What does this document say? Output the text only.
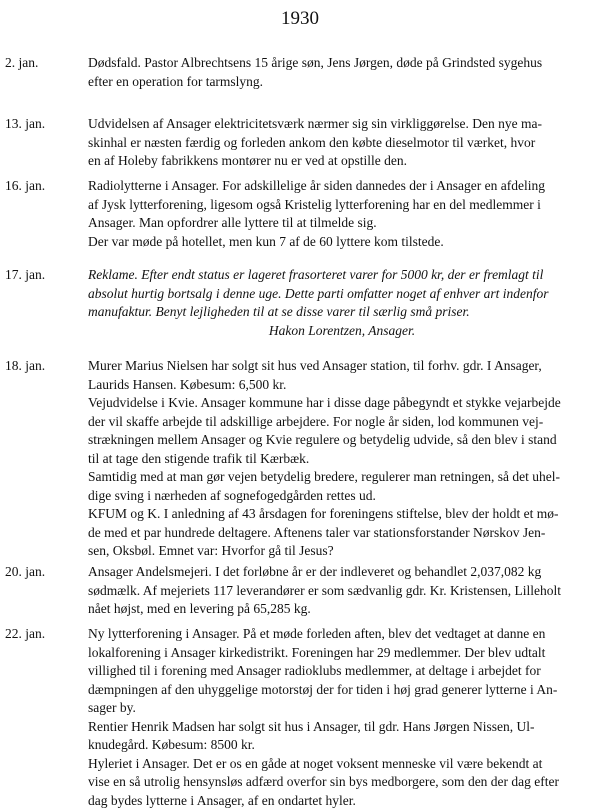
1930
2. jan.	Dødsfald. Pastor Albrechtsens 15 årige søn, Jens Jørgen, døde på Grindsted sygehus
efter en operation for tarmslyng.
13. jan.	Udvidelsen af Ansager elektricitetsværk nærmer sig sin virkliggørelse. Den nye ma-
skinhal er næsten færdig og forleden ankom den købte dieselmotor til værket, hvor
en af Holeby fabrikkens montører nu er ved at opstille den.
16. jan.	Radiolytterne i Ansager. For adskillelige år siden dannedes der i Ansager en afdeling
af Jysk lytterforening, ligesom også Kristelig lytterforening har en del medlemmer i
Ansager. Man opfordrer alle lyttere til at tilmelde sig.
Der var møde på hotellet, men kun 7 af de 60 lyttere kom tilstede.
17. jan.	Reklame. Efter endt status er lageret frasorteret varer for 5000 kr, der er fremlagt til
absolut hurtig bortsalg i denne uge. Dette parti omfatter noget af enhver art indenfor
manufaktur. Benyt lejligheden til at se disse varer til særlig små priser.
Hakon Lorentzen, Ansager.
18. jan.	Murer Marius Nielsen har solgt sit hus ved Ansager station, til forhv. gdr. I Ansager,
Laurids Hansen. Købesum: 6,500 kr.
Vejudvidelse i Kvie. Ansager kommune har i disse dage påbegyndt et stykke vejarbejde
der vil skaffe arbejde til adskillige arbejdere. For nogle år siden, lod kommunen vej-
strækningen mellem Ansager og Kvie regulere og betydelig udvide, så den blev i stand
til at tage den stigende trafik til Kærbæk.
Samtidig med at man gør vejen betydelig bredere, regulerer man retningen, så det uhel-
dige sving i nærheden af sognefogedgården rettes ud.
KFUM og K. I anledning af 43 årsdagen for foreningens stiftelse, blev der holdt et mø-
de med et par hundrede deltagere. Aftenens taler var stationsforstander Nørskov Jen-
sen, Oksbøl. Emnet var: Hvorfor gå til Jesus?
20. jan.	Ansager Andelsmejeri. I det forløbne år er der indleveret og behandlet 2,037,082 kg
sødmælk. Af mejeriets 117 leverandører er som sædvanlig gdr. Kr. Kristensen, Lilleholt
nået højst, med en levering på 65,285 kg.
22. jan.	Ny lytterforening i Ansager. På et møde forleden aften, blev det vedtaget at danne en
lokalforening i Ansager kirkedistrikt. Foreningen har 29 medlemmer. Der blev udtalt
villighed til i forening med Ansager radioklubs medlemmer, at deltage i arbejdet for
dæmpningen af den uhyggelige motorstøj der for tiden i høj grad generer lytterne i An-
sager by.
Rentier Henrik Madsen har solgt sit hus i Ansager, til gdr. Hans Jørgen Nissen, Ul-
knudegård. Købesum: 8500 kr.
Hyleriet i Ansager. Det er os en gåde at noget voksent menneske vil være bekendt at
vise en så utrolig hensynsløs adfærd overfor sin bys medborgere, som den der dag efter
dag bydes lytterne i Ansager, af en ondartet hyler.
